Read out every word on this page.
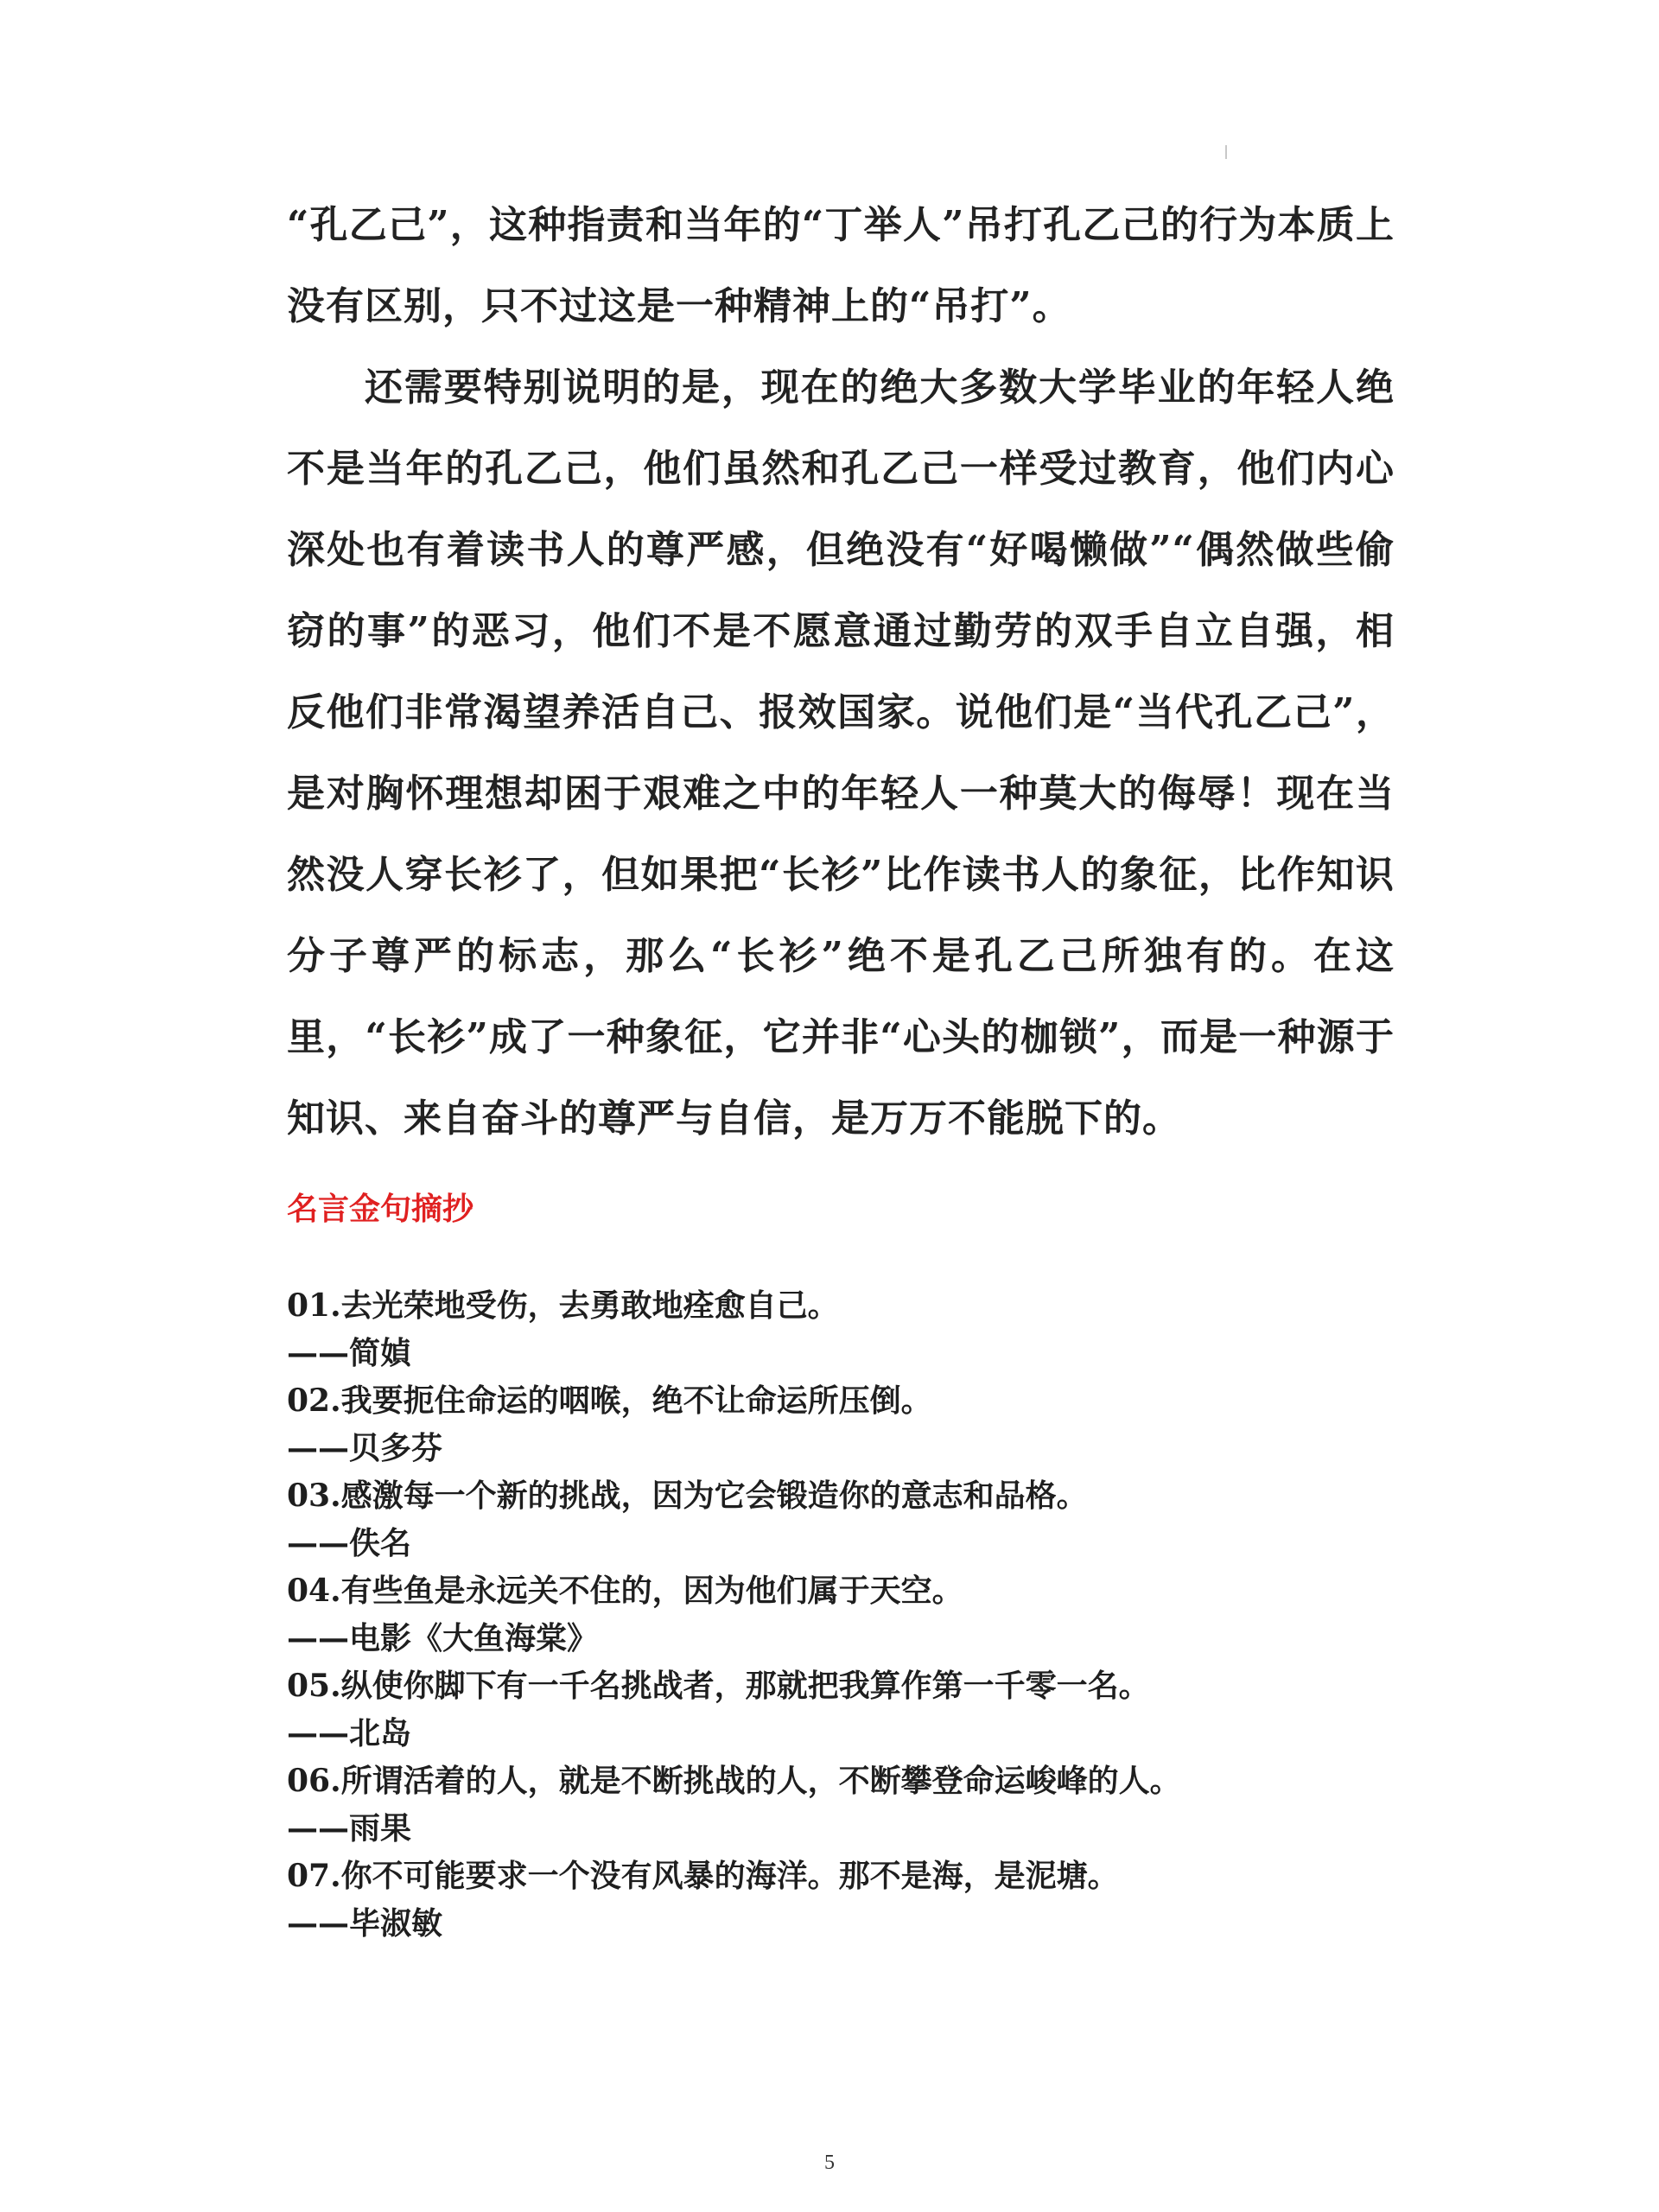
“孔乙己”，这种指责和当年的“丁举人”吊打孔乙己的行为本质上没有区别，只不过这是一种精神上的“吊打”。

还需要特别说明的是，现在的绝大多数大学毕业的年轻人绝不是当年的孔乙己，他们虽然和孔乙己一样受过教育，他们内心深处也有着读书人的尊严感，但绝没有“好喝懒做”“偶然做些偷窃的事”的恶习，他们不是不愿意通过勤劳的双手自立自强，相反他们非常渴望养活自己、报效国家。说他们是“当代孔乙己”，是对胸怀理想却困于艰难之中的年轻人一种莫大的侮辱！现在当然没人穿长衫了，但如果把“长衫”比作读书人的象征，比作知识分子尊严的标志，那么“长衫”绝不是孔乙己所独有的。在这里，“长衫”成了一种象征，它并非“心头的枷锁”，而是一种源于知识、来自奋斗的尊严与自信，是万万不能脱下的。

名言金句摘抄
01.去光荣地受伤，去勇敢地痊愈自己。
——简媜
02.我要扼住命运的咽喉，绝不让命运所压倒。
——贝多芬
03.感激每一个新的挑战，因为它会锻造你的意志和品格。
——佚名
04.有些鱼是永远关不住的，因为他们属于天空。
——电影《大鱼海棠》
05.纵使你脚下有一千名挑战者，那就把我算作第一千零一名。
——北岛
06.所谓活着的人，就是不断挑战的人，不断攀登命运峻峰的人。
——雨果
07.你不可能要求一个没有风暴的海洋。那不是海，是泥塘。
——毕淑敏
5
